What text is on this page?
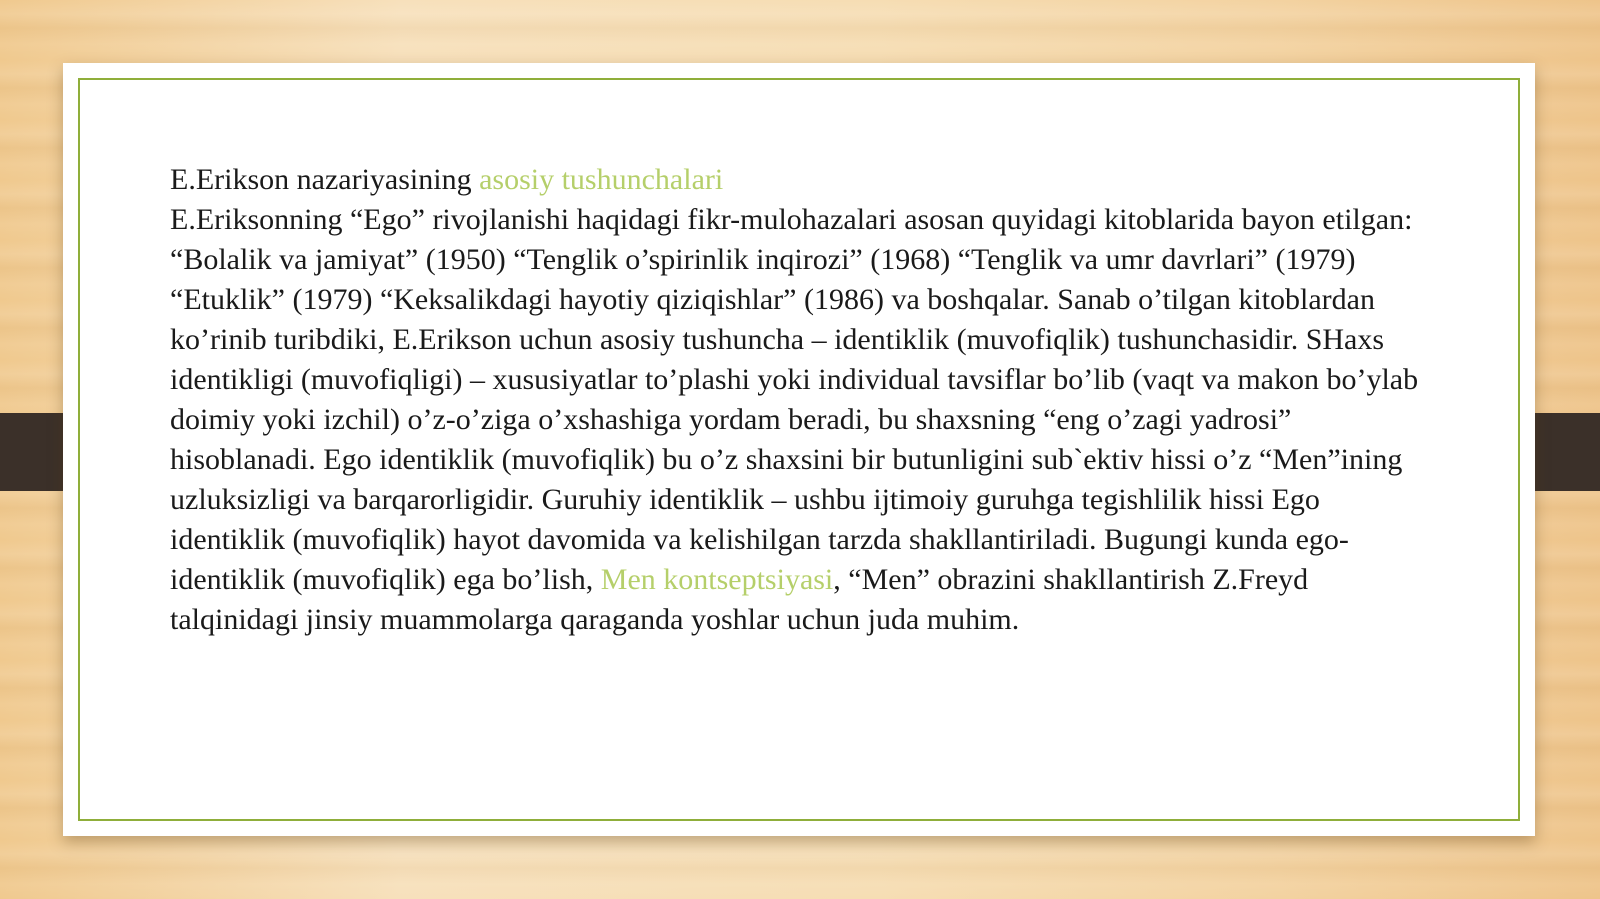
E.Erikson nazariyasining asosiy tushunchalari

E.Eriksonning “Ego” rivojlanishi haqidagi fikr-mulohazalari asosan quyidagi kitoblarida bayon etilgan: “Bolalik va jamiyat” (1950) “Tenglik o’spirinlik inqirozi” (1968) “Tenglik va umr davrlari” (1979) “Etuklik” (1979) “Keksalikdagi hayotiy qiziqishlar” (1986) va boshqalar. Sanab o’tilgan kitoblardan ko’rinib turibdiki, E.Erikson uchun asosiy tushuncha – identiklik (muvofiqlik) tushunchasidir. SHaxs identikligi (muvofiqligi) – xususiyatlar to’plashi yoki individual tavsiflar bo’lib (vaqt va makon bo’ylab doimiy yoki izchil) o’z-o’ziga o’xshashiga yordam beradi, bu shaxsning “eng o’zagi yadrosi” hisoblanadi. Ego identiklik (muvofiqlik) bu o’z shaxsini bir butunligini sub`ektiv hissi o’z “Men”ining uzluksizligi va barqarorligidir. Guruhiy identiklik – ushbu ijtimoiy guruhga tegishlilik hissi Ego identiklik (muvofiqlik) hayot davomida va kelishilgan tarzda shakllantiriladi. Bugungi kunda ego-identiklik (muvofiqlik) ega bo’lish, Men kontseptsiyasi, “Men” obrazini shakllantirish Z.Freyd talqinidagi jinsiy muammolarga qaraganda yoshlar uchun juda muhim.
